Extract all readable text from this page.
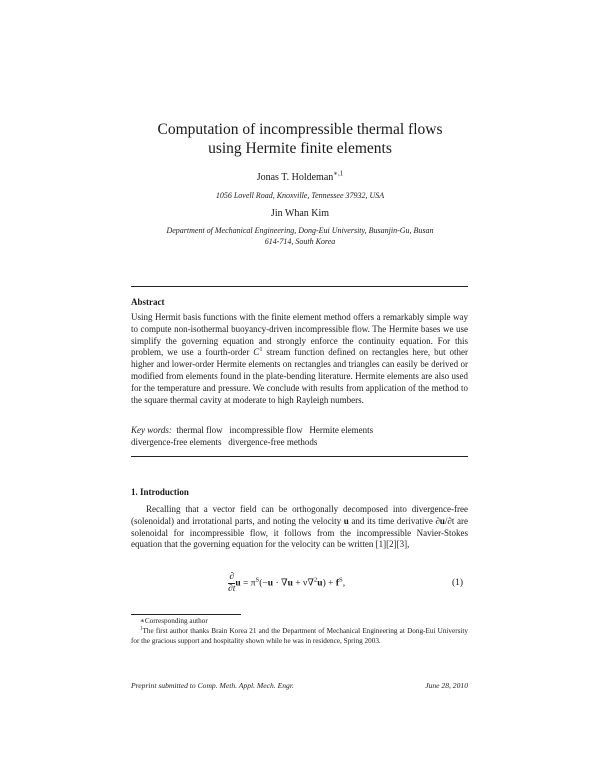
Computation of incompressible thermal flows
using Hermite finite elements
Jonas T. Holdeman$^{∗,1}$
1056 Lovell Road, Knoxville, Tennessee 37932, USA
Jin Whan Kim
Department of Mechanical Engineering, Dong-Eui University, Busanjin-Gu, Busan
614-714, South Korea
Abstract

Using Hermit basis functions with the finite element method offers a remarkably simple way to compute non-isothermal buoyancy-driven incompressible flow. The Hermite bases we use simplify the governing equation and strongly enforce the continuity equation. For this problem, we use a fourth-order $C^1$ stream function defined on rectangles here, but other higher and lower-order Hermite elements on rectangles and triangles can easily be derived or modified from elements found in the plate-bending literature. Hermite elements are also used for the temperature and pressure. We conclude with results from application of the method to the square thermal cavity at moderate to high Rayleigh numbers.

Key words: thermal flow   incompressible flow   Hermite elements
divergence-free elements   divergence-free methods
1. Introduction

Recalling that a vector field can be orthogonally decomposed into divergence-free (solenoidal) and irrotational parts, and noting the velocity u and its time derivative ∂u/∂t are solenoidal for incompressible flow, it follows from the incompressible Navier-Stokes equation that the governing equation for the velocity can be written [1][2][3],

∂
∂t
$u = \pi^S(-u \cdot \nabla u + \nu\nabla^2u) + f^S$,	(1)
∗Corresponding author
$^1$The first author thanks Brain Korea 21 and the Department of Mechanical Engineering at Dong-Eui University for the gracious support and hospitality shown while he was in residence, Spring 2003.
Preprint submitted to Comp. Meth. Appl. Mech. Engr.	June 28, 2010
